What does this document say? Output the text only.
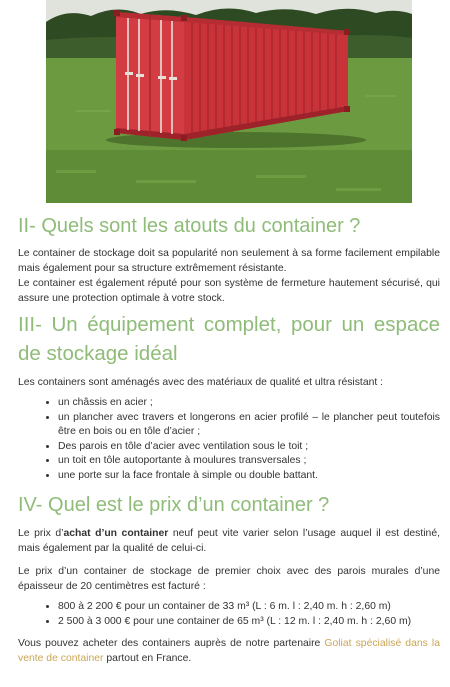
II- Quels sont les atouts du container ?

Le container de stockage doit sa popularité non seulement à sa forme facilement empilable mais également pour sa structure extrêmement résistante.

Le container est également réputé pour son système de fermeture hautement sécurisé, qui assure une protection optimale à votre stock.

III- Un équipement complet, pour un espace de stockage idéal

Les containers sont aménagés avec des matériaux de qualité et ultra résistant :

• un châssis en acier ;
• un plancher avec travers et longerons en acier profilé – le plancher peut toutefois être en bois ou en tôle d’acier ;
• Des parois en tôle d’acier avec ventilation sous le toit ;
• un toit en tôle autoportante à moulures transversales ;
• une porte sur la face frontale à simple ou double battant.
IV- Quel est le prix d’un container ?

Le prix d’achat d’un container neuf peut vite varier selon l’usage auquel il est destiné, mais également par la qualité de celui-ci.

Le prix d’un container de stockage de premier choix avec des parois murales d’une épaisseur de 20 centimètres est facturé :

• 800 à 2 200 € pour un container de 33 m³ (L : 6 m. l : 2,40 m. h : 2,60 m)
• 2 500 à 3 000 € pour une container de 65 m³ (L : 12 m. l : 2,40 m. h : 2,60 m)

Vous pouvez acheter des containers auprès de notre partenaire Goliat spécialisé dans la vente de container partout en France.
